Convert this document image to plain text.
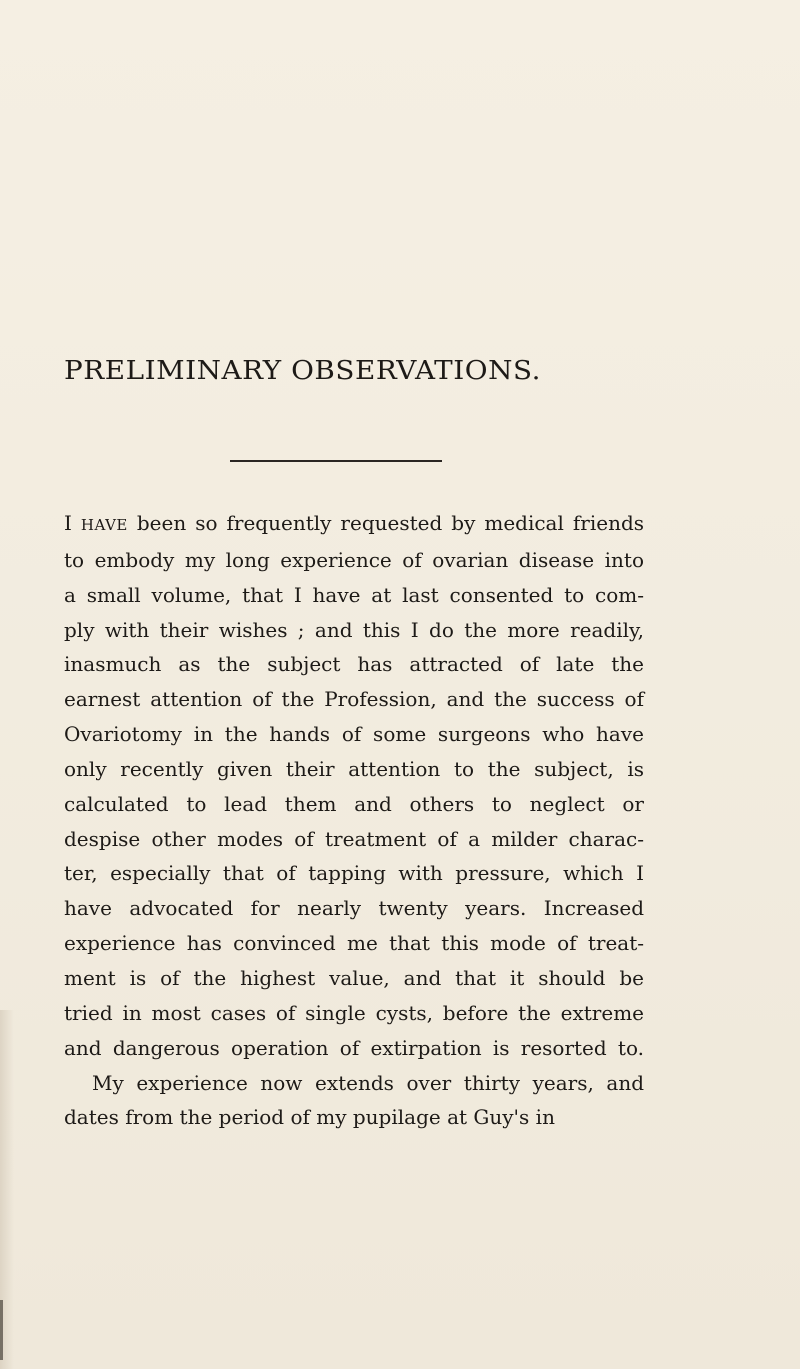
PRELIMINARY OBSERVATIONS.
I HAVE been so frequently requested by medical friends
to embody my long experience of ovarian disease into
a small volume, that I have at last consented to com-
ply with their wishes ; and this I do the more readily,
inasmuch as the subject has attracted of late the
earnest attention of the Profession, and the success of
Ovariotomy in the hands of some surgeons who have
only recently given their attention to the subject, is
calculated to lead them and others to neglect or
despise other modes of treatment of a milder charac-
ter, especially that of tapping with pressure, which I
have advocated for nearly twenty years. Increased
experience has convinced me that this mode of treat-
ment is of the highest value, and that it should be
tried in most cases of single cysts, before the extreme
and dangerous operation of extirpation is resorted to.
My experience now extends over thirty years, and
dates from the period of my pupilage at Guy's in
